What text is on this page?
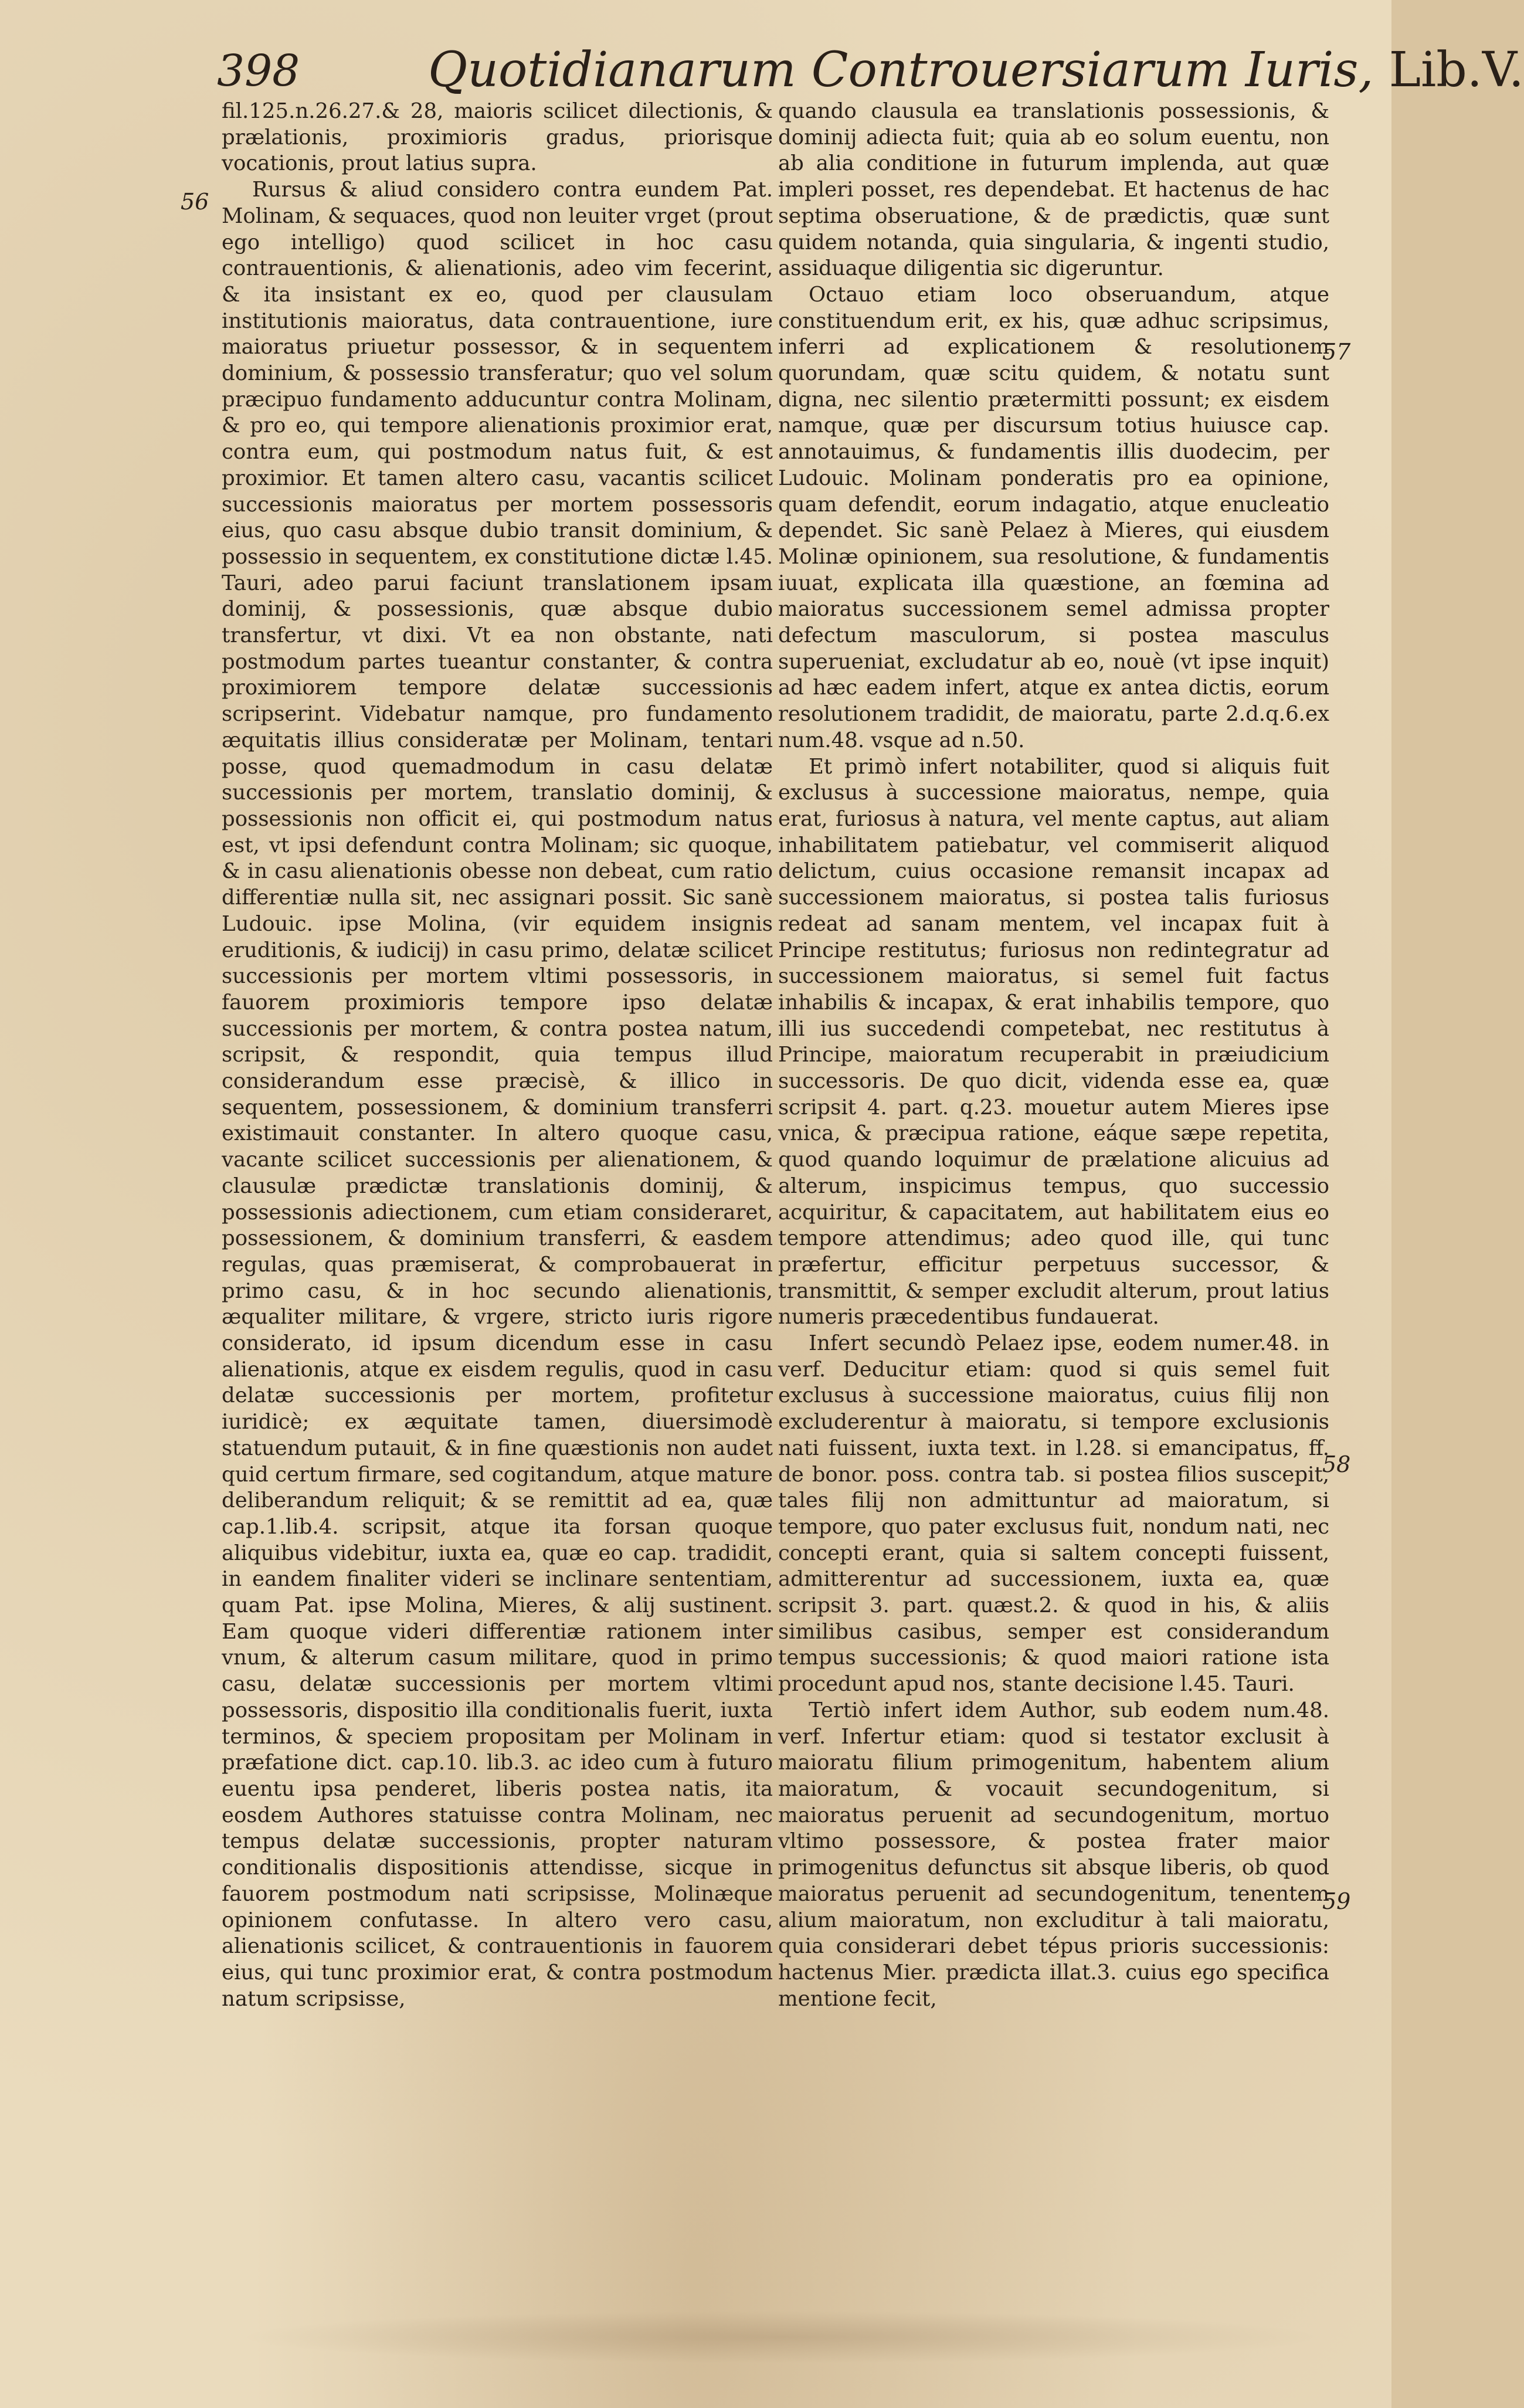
398	Quotidianarum Controuersiarum Iuris, Lib.V.
56
57
58
59

fil.125.n.26.27.& 28, maioris scilicet dilectionis, & prælationis, proximioris gradus, priorisque vocationis, prout latius supra.

Rursus & aliud considero contra eundem Pat. Molinam, & sequaces, quod non leuiter vrget (prout ego intelligo) quod scilicet in hoc casu contrauentionis, & alienationis, adeo vim fecerint, & ita insistant ex eo, quod per clausulam institutionis maioratus, data contrauentione, iure maioratus priuetur possessor, & in sequentem dominium, & possessio transferatur; quo vel solum præcipuo fundamento adducuntur contra Molinam, & pro eo, qui tempore alienationis proximior erat, contra eum, qui postmodum natus fuit, & est proximior. Et tamen altero casu, vacantis scilicet successionis maioratus per mortem possessoris eius, quo casu absque dubio transit dominium, & possessio in sequentem, ex constitutione dictæ l.45. Tauri, adeo parui faciunt translationem ipsam dominij, & possessionis, quæ absque dubio transfertur, vt dixi. Vt ea non obstante, nati postmodum partes tueantur constanter, & contra proximiorem tempore delatæ successionis scripserint. Videbatur namque, pro fundamento æquitatis illius consideratæ per Molinam, tentari posse, quod quemadmodum in casu delatæ successionis per mortem, translatio dominij, & possessionis non officit ei, qui postmodum natus est, vt ipsi defendunt contra Molinam; sic quoque, & in casu alienationis obesse non debeat, cum ratio differentiæ nulla sit, nec assignari possit. Sic sanè Ludouic. ipse Molina, (vir equidem insignis eruditionis, & iudicij) in casu primo, delatæ scilicet successionis per mortem vltimi possessoris, in fauorem proximioris tempore ipso delatæ successionis per mortem, & contra postea natum, scripsit, & respondit, quia tempus illud considerandum esse præcisè, & illico in sequentem, possessionem, & dominium transferri existimauit constanter. In altero quoque casu, vacante scilicet successionis per alienationem, & clausulæ prædictæ translationis dominij, & possessionis adiectionem, cum etiam consideraret, possessionem, & dominium transferri, & easdem regulas, quas præmiserat, & comprobauerat in primo casu, & in hoc secundo alienationis, æqualiter militare, & vrgere, stricto iuris rigore considerato, id ipsum dicendum esse in casu alienationis, atque ex eisdem regulis, quod in casu delatæ successionis per mortem, profitetur iuridicè; ex æquitate tamen, diuersimodè statuendum putauit, & in fine quæstionis non audet quid certum firmare, sed cogitandum, atque mature deliberandum reliquit; & se remittit ad ea, quæ cap.1.lib.4. scripsit, atque ita forsan quoque aliquibus videbitur, iuxta ea, quæ eo cap. tradidit, in eandem finaliter videri se inclinare sententiam, quam Pat. ipse Molina, Mieres, & alij sustinent. Eam quoque videri differentiæ rationem inter vnum, & alterum casum militare, quod in primo casu, delatæ successionis per mortem vltimi possessoris, dispositio illa conditionalis fuerit, iuxta terminos, & speciem propositam per Molinam in præfatione dict. cap.10. lib.3. ac ideo cum à futuro euentu ipsa penderet, liberis postea natis, ita eosdem Authores statuisse contra Molinam, nec tempus delatæ successionis, propter naturam conditionalis dispositionis attendisse, sicque in fauorem postmodum nati scripsisse, Molinæque opinionem confutasse. In altero vero casu, alienationis scilicet, & contrauentionis in fauorem eius, qui tunc proximior erat, & contra postmodum natum scripsisse,

quando clausula ea translationis possessionis, & dominij adiecta fuit; quia ab eo solum euentu, non ab alia conditione in futurum implenda, aut quæ impleri posset, res dependebat. Et hactenus de hac septima obseruatione, & de prædictis, quæ sunt quidem notanda, quia singularia, & ingenti studio, assiduaque diligentia sic digeruntur.

Octauo etiam loco obseruandum, atque constituendum erit, ex his, quæ adhuc scripsimus, inferri ad explicationem & resolutionem quorundam, quæ scitu quidem, & notatu sunt digna, nec silentio prætermitti possunt; ex eisdem namque, quæ per discursum totius huiusce cap. annotauimus, & fundamentis illis duodecim, per Ludouic. Molinam ponderatis pro ea opinione, quam defendit, eorum indagatio, atque enucleatio dependet. Sic sanè Pelaez à Mieres, qui eiusdem Molinæ opinionem, sua resolutione, & fundamentis iuuat, explicata illa quæstione, an fœmina ad maioratus successionem semel admissa propter defectum masculorum, si postea masculus superueniat, excludatur ab eo, nouè (vt ipse inquit) ad hæc eadem infert, atque ex antea dictis, eorum resolutionem tradidit, de maioratu, parte 2.d.q.6.ex num.48. vsque ad n.50.

Et primò infert notabiliter, quod si aliquis fuit exclusus à successione maioratus, nempe, quia erat, furiosus à natura, vel mente captus, aut aliam inhabilitatem patiebatur, vel commiserit aliquod delictum, cuius occasione remansit incapax ad successionem maioratus, si postea talis furiosus redeat ad sanam mentem, vel incapax fuit à Principe restitutus; furiosus non redintegratur ad successionem maioratus, si semel fuit factus inhabilis & incapax, & erat inhabilis tempore, quo illi ius succedendi competebat, nec restitutus à Principe, maioratum recuperabit in præiudicium successoris. De quo dicit, videnda esse ea, quæ scripsit 4. part. q.23. mouetur autem Mieres ipse vnica, & præcipua ratione, eáque sæpe repetita, quod quando loquimur de prælatione alicuius ad alterum, inspicimus tempus, quo successio acquiritur, & capacitatem, aut habilitatem eius eo tempore attendimus; adeo quod ille, qui tunc præfertur, efficitur perpetuus successor, & transmittit, & semper excludit alterum, prout latius numeris præcedentibus fundauerat.

Infert secundò Pelaez ipse, eodem numer.48. in verf. Deducitur etiam: quod si quis semel fuit exclusus à successione maioratus, cuius filij non excluderentur à maioratu, si tempore exclusionis nati fuissent, iuxta text. in l.28. si emancipatus, ff. de bonor. poss. contra tab. si postea filios suscepit, tales filij non admittuntur ad maioratum, si tempore, quo pater exclusus fuit, nondum nati, nec concepti erant, quia si saltem concepti fuissent, admitterentur ad successionem, iuxta ea, quæ scripsit 3. part. quæst.2. & quod in his, & aliis similibus casibus, semper est considerandum tempus successionis; & quod maiori ratione ista procedunt apud nos, stante decisione l.45. Tauri.

Tertiò infert idem Author, sub eodem num.48. verf. Infertur etiam: quod si testator exclusit à maioratu filium primogenitum, habentem alium maioratum, & vocauit secundogenitum, si maioratus peruenit ad secundogenitum, mortuo vltimo possessore, & postea frater maior primogenitus defunctus sit absque liberis, ob quod maioratus peruenit ad secundogenitum, tenentem alium maioratum, non excluditur à tali maioratu, quia considerari debet tépus prioris successionis: hactenus Mier. prædicta illat.3. cuius ego specifica mentione fecit,
